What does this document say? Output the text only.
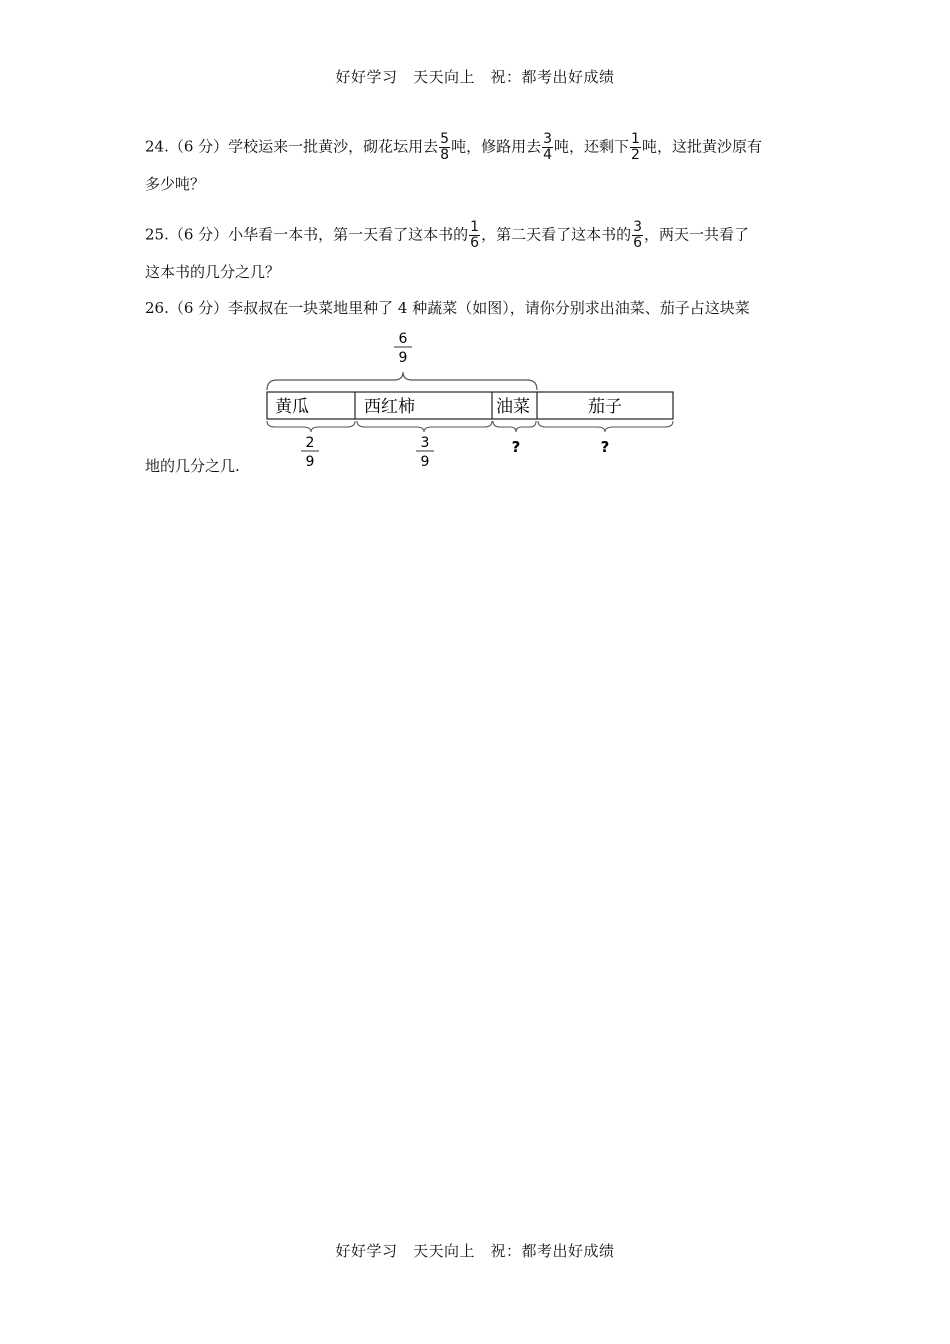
好好学习　天天向上　祝：都考出好成绩
24.（6 分）学校运来一批黄沙，砌花坛用去 $\frac{5}{8}$ 吨，修路用去 $\frac{3}{4}$ 吨，还剩下 $\frac{1}{2}$ 吨，这批黄沙原有
多少吨？
25.（6 分）小华看一本书，第一天看了这本书的 $\frac{1}{6}$ ，第二天看了这本书的 $\frac{3}{6}$ ，两天一共看了
这本书的几分之几？
26.（6 分）李叔叔在一块菜地里种了 4 种蔬菜（如图），请你分别求出油菜、茄子占这块菜
地的几分之几.
6
9
黄瓜	西红柿	油菜	茄子
2
9
3
9
?	?
好好学习　天天向上　祝：都考出好成绩
